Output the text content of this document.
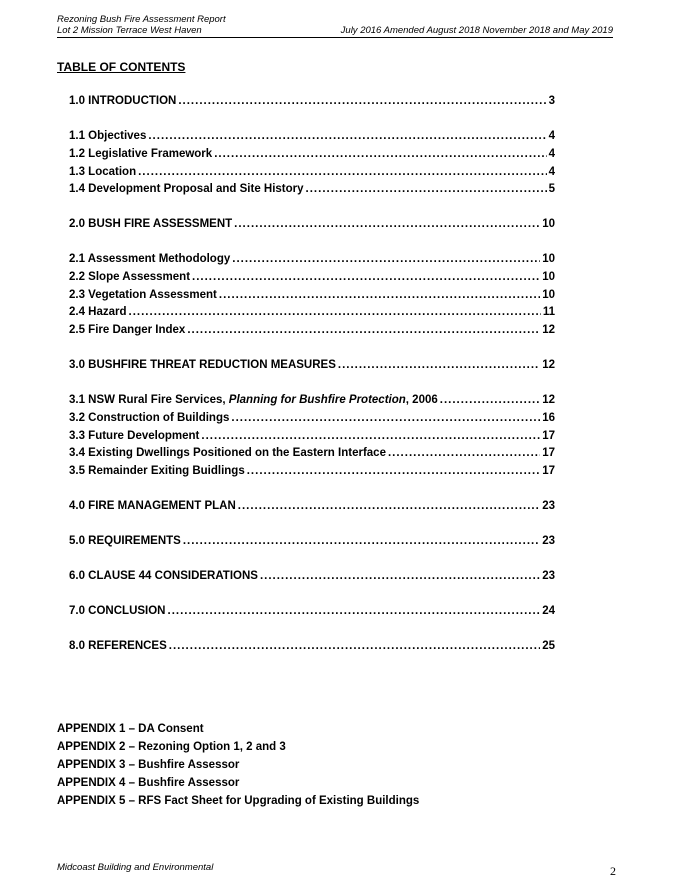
Rezoning Bush Fire Assessment Report
Lot 2 Mission Terrace West Haven	July 2016 Amended August 2018 November 2018 and May 2019
TABLE OF CONTENTS
1.0 INTRODUCTION .....	3
1.1 Objectives .....	4
1.2 Legislative Framework .....	4
1.3 Location .....	4
1.4 Development Proposal and Site History .....	5
2.0 BUSH FIRE ASSESSMENT .....	10
2.1 Assessment Methodology .....	10
2.2 Slope Assessment .....	10
2.3 Vegetation Assessment .....	10
2.4 Hazard .....	11
2.5 Fire Danger Index .....	12
3.0 BUSHFIRE THREAT REDUCTION MEASURES .....	12
3.1 NSW Rural Fire Services, Planning for Bushfire Protection, 2006 .....	12
3.2 Construction of Buildings .....	16
3.3 Future Development .....	17
3.4 Existing Dwellings Positioned on the Eastern Interface .....	17
3.5 Remainder Exiting Buidlings .....	17
4.0 FIRE MANAGEMENT PLAN .....	23
5.0 REQUIREMENTS .....	23
6.0 CLAUSE 44 CONSIDERATIONS .....	23
7.0 CONCLUSION .....	24
8.0 REFERENCES .....	25
APPENDIX 1 – DA Consent
APPENDIX 2 – Rezoning Option 1, 2 and 3
APPENDIX 3 – Bushfire Assessor
APPENDIX 4 – Bushfire Assessor
APPENDIX 5 – RFS Fact Sheet for Upgrading of Existing Buildings
Midcoast Building and Environmental	2
